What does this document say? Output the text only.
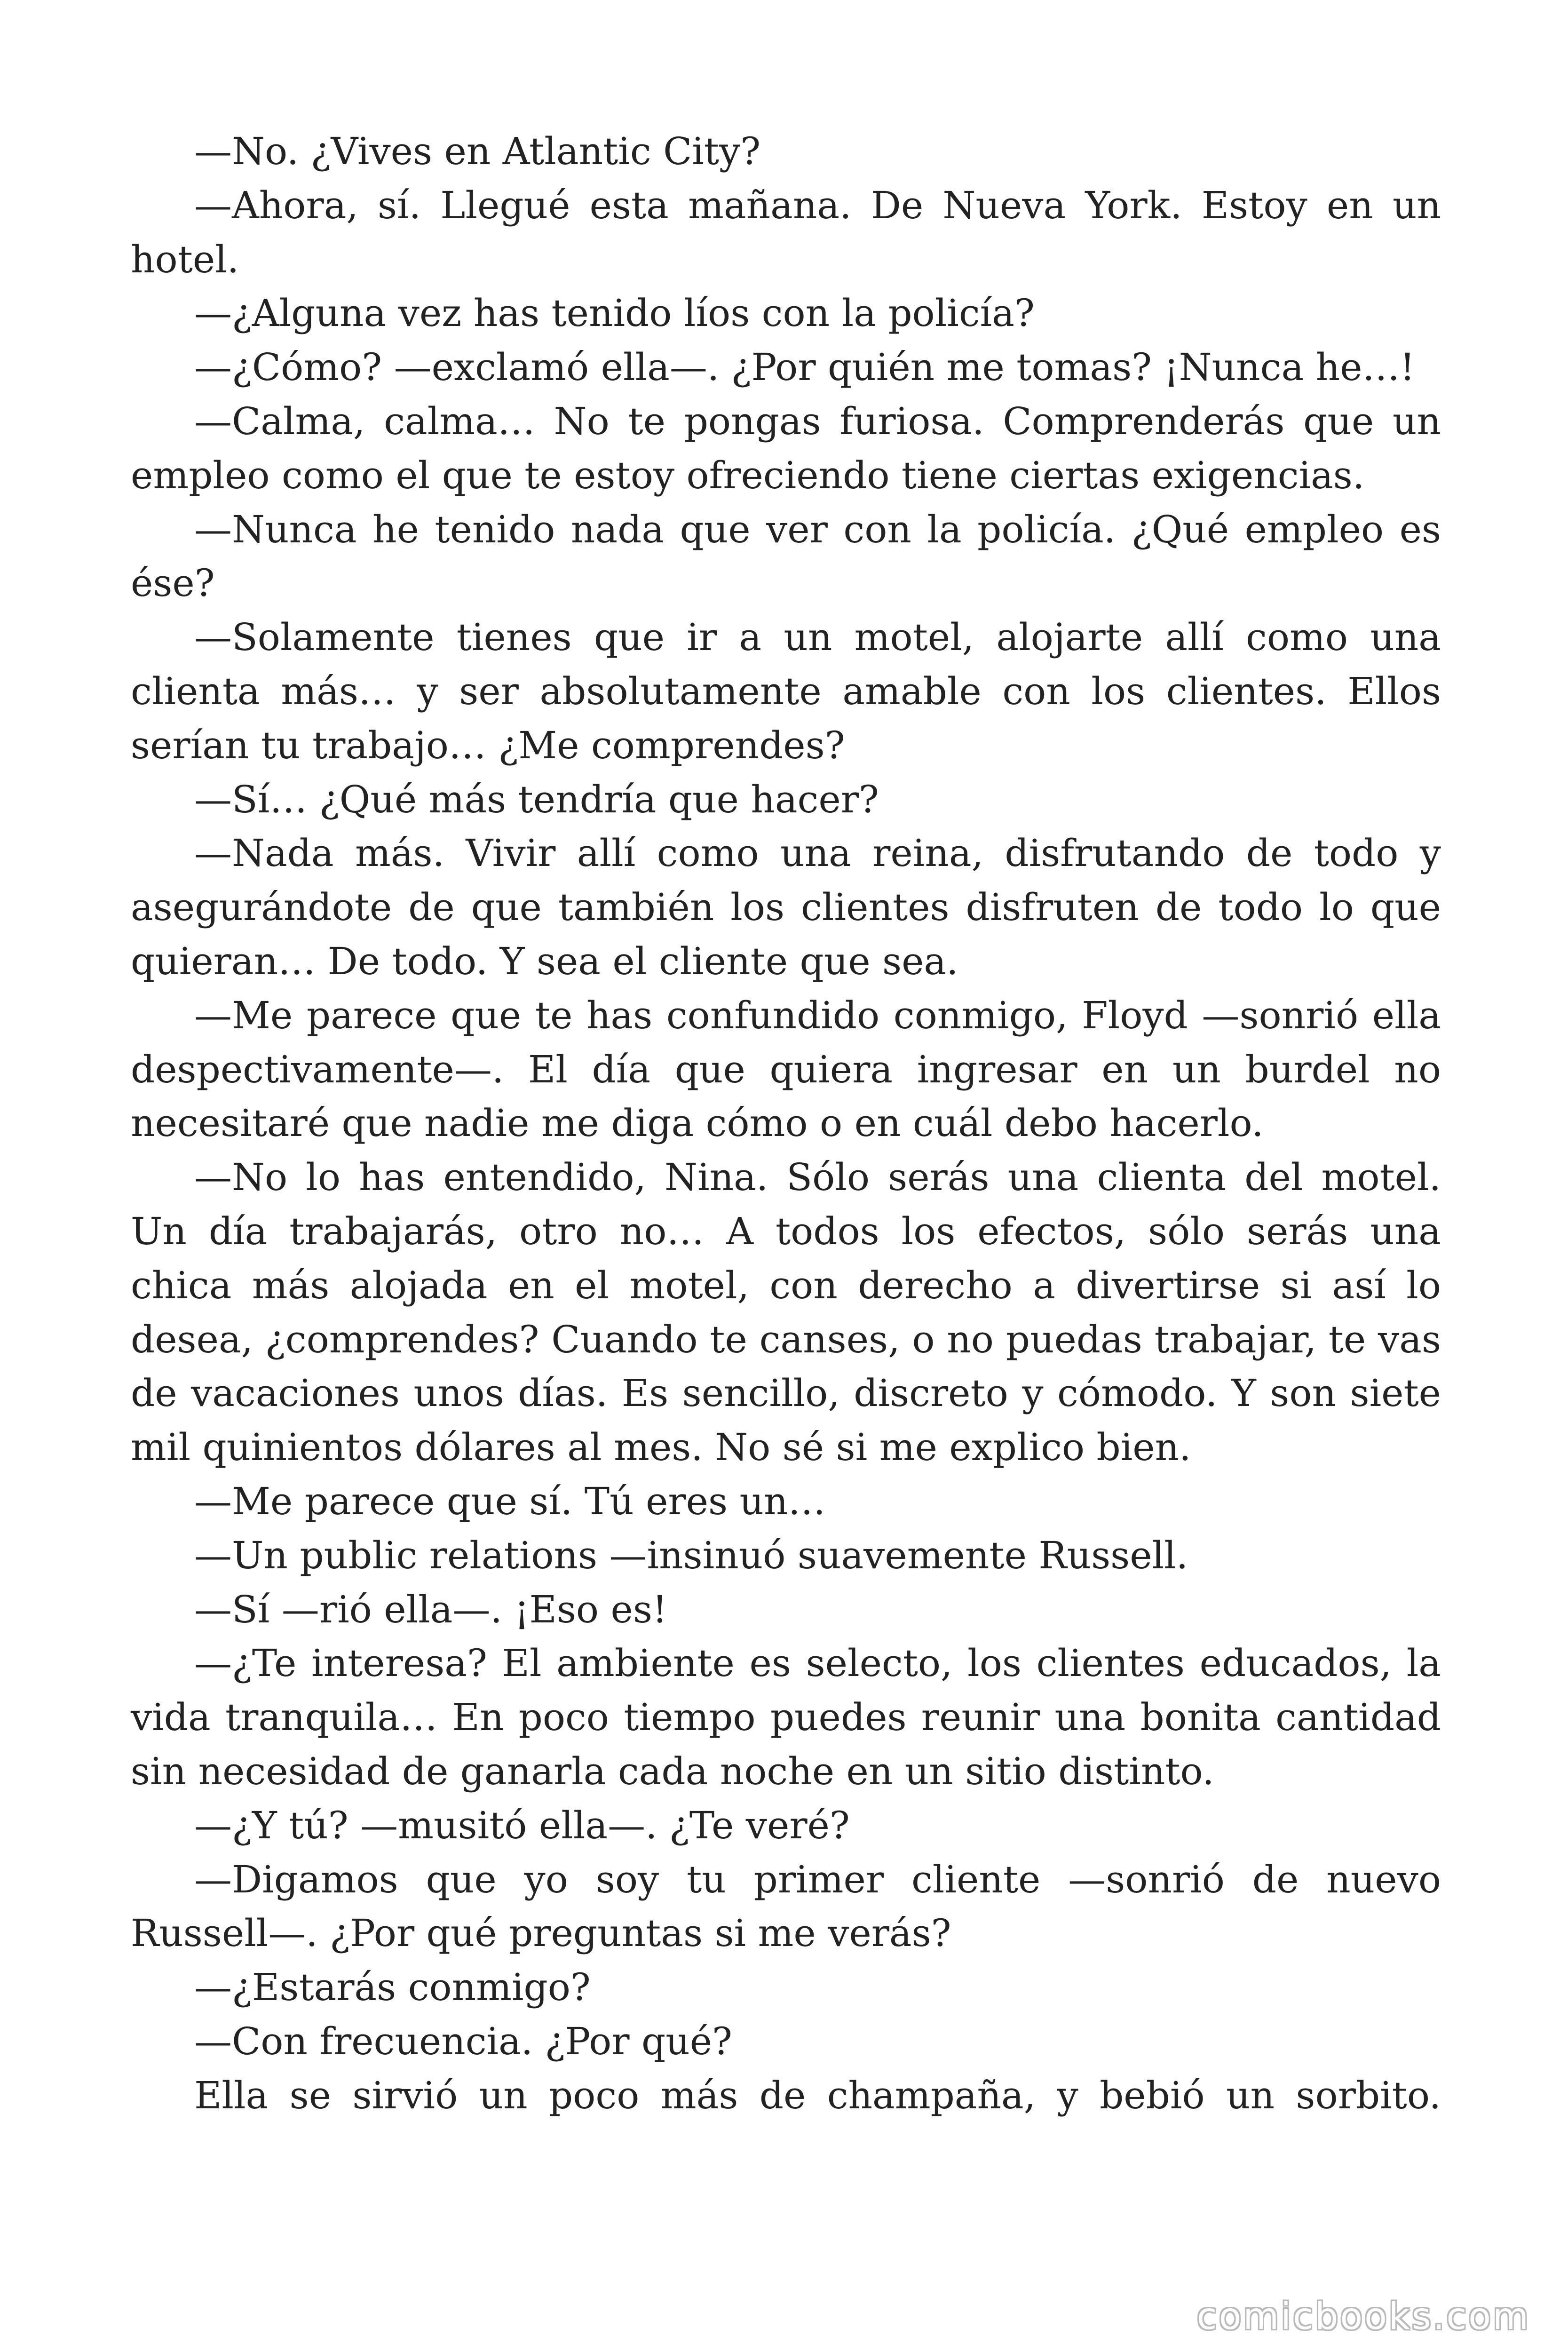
—No. ¿Vives en Atlantic City?

—Ahora, sí. Llegué esta mañana. De Nueva York. Estoy en un hotel.

—¿Alguna vez has tenido líos con la policía?

—¿Cómo? —exclamó ella—. ¿Por quién me tomas? ¡Nunca he…!

—Calma, calma… No te pongas furiosa. Comprenderás que un empleo como el que te estoy ofreciendo tiene ciertas exigencias.

—Nunca he tenido nada que ver con la policía. ¿Qué empleo es ése?

—Solamente tienes que ir a un motel, alojarte allí como una clienta más… y ser absolutamente amable con los clientes. Ellos serían tu trabajo… ¿Me comprendes?

—Sí… ¿Qué más tendría que hacer?

—Nada más. Vivir allí como una reina, disfrutando de todo y asegurándote de que también los clientes disfruten de todo lo que quieran… De todo. Y sea el cliente que sea.

—Me parece que te has confundido conmigo, Floyd —sonrió ella despectivamente—. El día que quiera ingresar en un burdel no necesitaré que nadie me diga cómo o en cuál debo hacerlo.

—No lo has entendido, Nina. Sólo serás una clienta del motel. Un día trabajarás, otro no… A todos los efectos, sólo serás una chica más alojada en el motel, con derecho a divertirse si así lo desea, ¿comprendes? Cuando te canses, o no puedas trabajar, te vas de vacaciones unos días. Es sencillo, discreto y cómodo. Y son siete mil quinientos dólares al mes. No sé si me explico bien.

—Me parece que sí. Tú eres un…

—Un public relations —insinuó suavemente Russell.

—Sí —rió ella—. ¡Eso es!

—¿Te interesa? El ambiente es selecto, los clientes educados, la vida tranquila… En poco tiempo puedes reunir una bonita cantidad sin necesidad de ganarla cada noche en un sitio distinto.

—¿Y tú? —musitó ella—. ¿Te veré?

—Digamos que yo soy tu primer cliente —sonrió de nuevo Russell—. ¿Por qué preguntas si me verás?

—¿Estarás conmigo?

—Con frecuencia. ¿Por qué?

Ella se sirvió un poco más de champaña, y bebió un sorbito.

comicbooks.com
